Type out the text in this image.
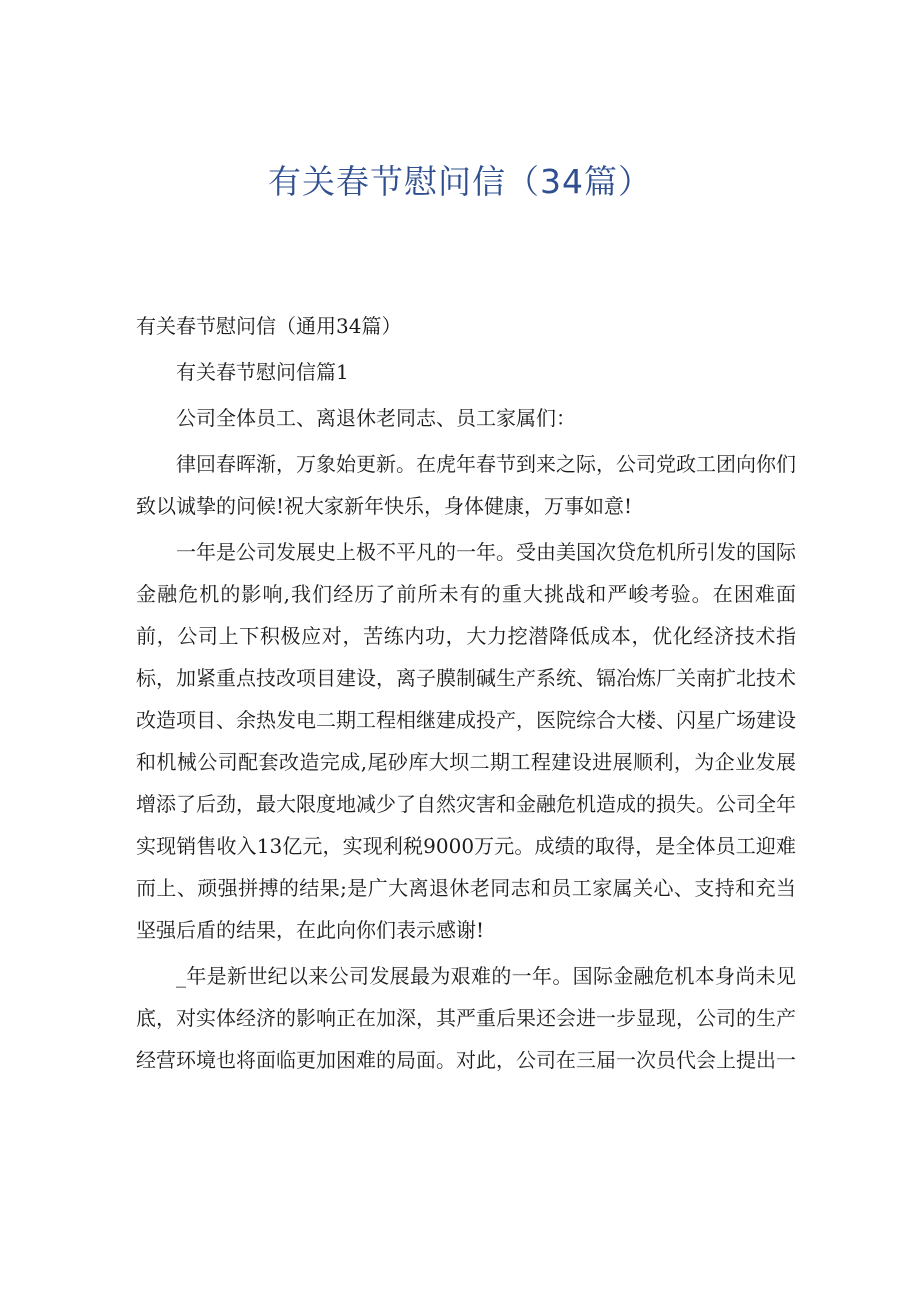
有关春节慰问信（34篇）

有关春节慰问信（通用34篇）

有关春节慰问信篇1

公司全体员工、离退休老同志、员工家属们：

律回春晖渐，万象始更新。在虎年春节到来之际，公司党政工团向你们致以诚挚的问候!祝大家新年快乐，身体健康，万事如意!

一年是公司发展史上极不平凡的一年。受由美国次贷危机所引发的国际金融危机的影响,我们经历了前所未有的重大挑战和严峻考验。在困难面前，公司上下积极应对，苦练内功，大力挖潜降低成本，优化经济技术指标，加紧重点技改项目建设，离子膜制碱生产系统、镉冶炼厂关南扩北技术改造项目、余热发电二期工程相继建成投产，医院综合大楼、闪星广场建设和机械公司配套改造完成,尾砂库大坝二期工程建设进展顺利，为企业发展增添了后劲，最大限度地减少了自然灾害和金融危机造成的损失。公司全年实现销售收入13亿元，实现利税9000万元。成绩的取得，是全体员工迎难而上、顽强拼搏的结果;是广大离退休老同志和员工家属关心、支持和充当坚强后盾的结果，在此向你们表示感谢!

_年是新世纪以来公司发展最为艰难的一年。国际金融危机本身尚未见底，对实体经济的影响正在加深，其严重后果还会进一步显现，公司的生产经营环境也将面临更加困难的局面。对此，公司在三届一次员代会上提出一
